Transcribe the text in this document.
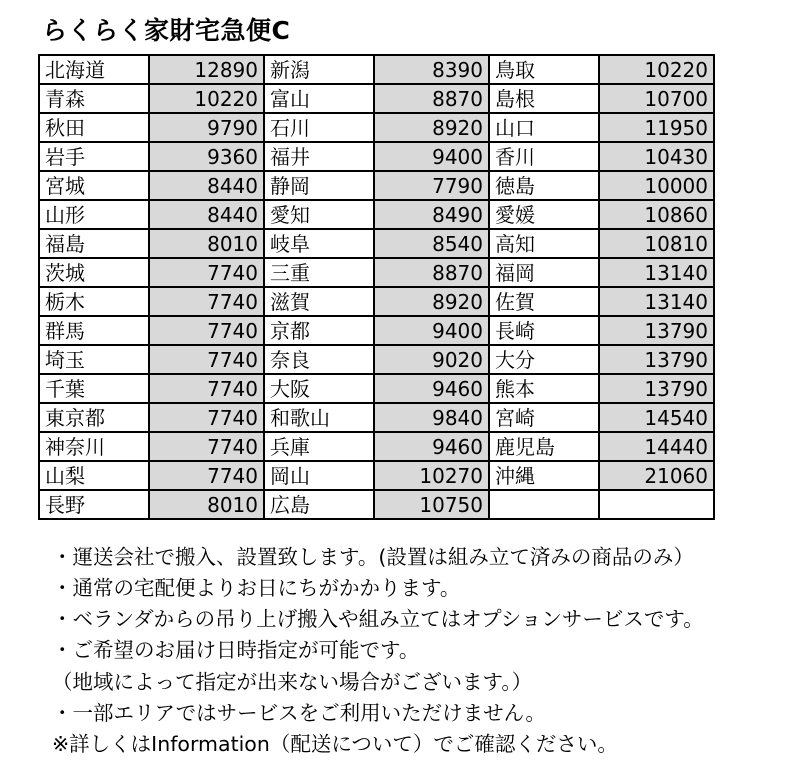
らくらく家財宅急便C
北海道	12890	新潟	8390	鳥取	10220
青森	10220	富山	8870	島根	10700
秋田	9790	石川	8920	山口	11950
岩手	9360	福井	9400	香川	10430
宮城	8440	静岡	7790	徳島	10000
山形	8440	愛知	8490	愛媛	10860
福島	8010	岐阜	8540	高知	10810
茨城	7740	三重	8870	福岡	13140
栃木	7740	滋賀	8920	佐賀	13140
群馬	7740	京都	9400	長崎	13790
埼玉	7740	奈良	9020	大分	13790
千葉	7740	大阪	9460	熊本	13790
東京都	7740	和歌山	9840	宮崎	14540
神奈川	7740	兵庫	9460	鹿児島	14440
山梨	7740	岡山	10270	沖縄	21060
長野	8010	広島	10750		
・運送会社で搬入、設置致します。(設置は組み立て済みの商品のみ）
・通常の宅配便よりお日にちがかかります。
・ベランダからの吊り上げ搬入や組み立てはオプションサービスです。
・ご希望のお届け日時指定が可能です。
（地域によって指定が出来ない場合がございます。）
・一部エリアではサービスをご利用いただけません。
※詳しくはInformation（配送について）でご確認ください。
